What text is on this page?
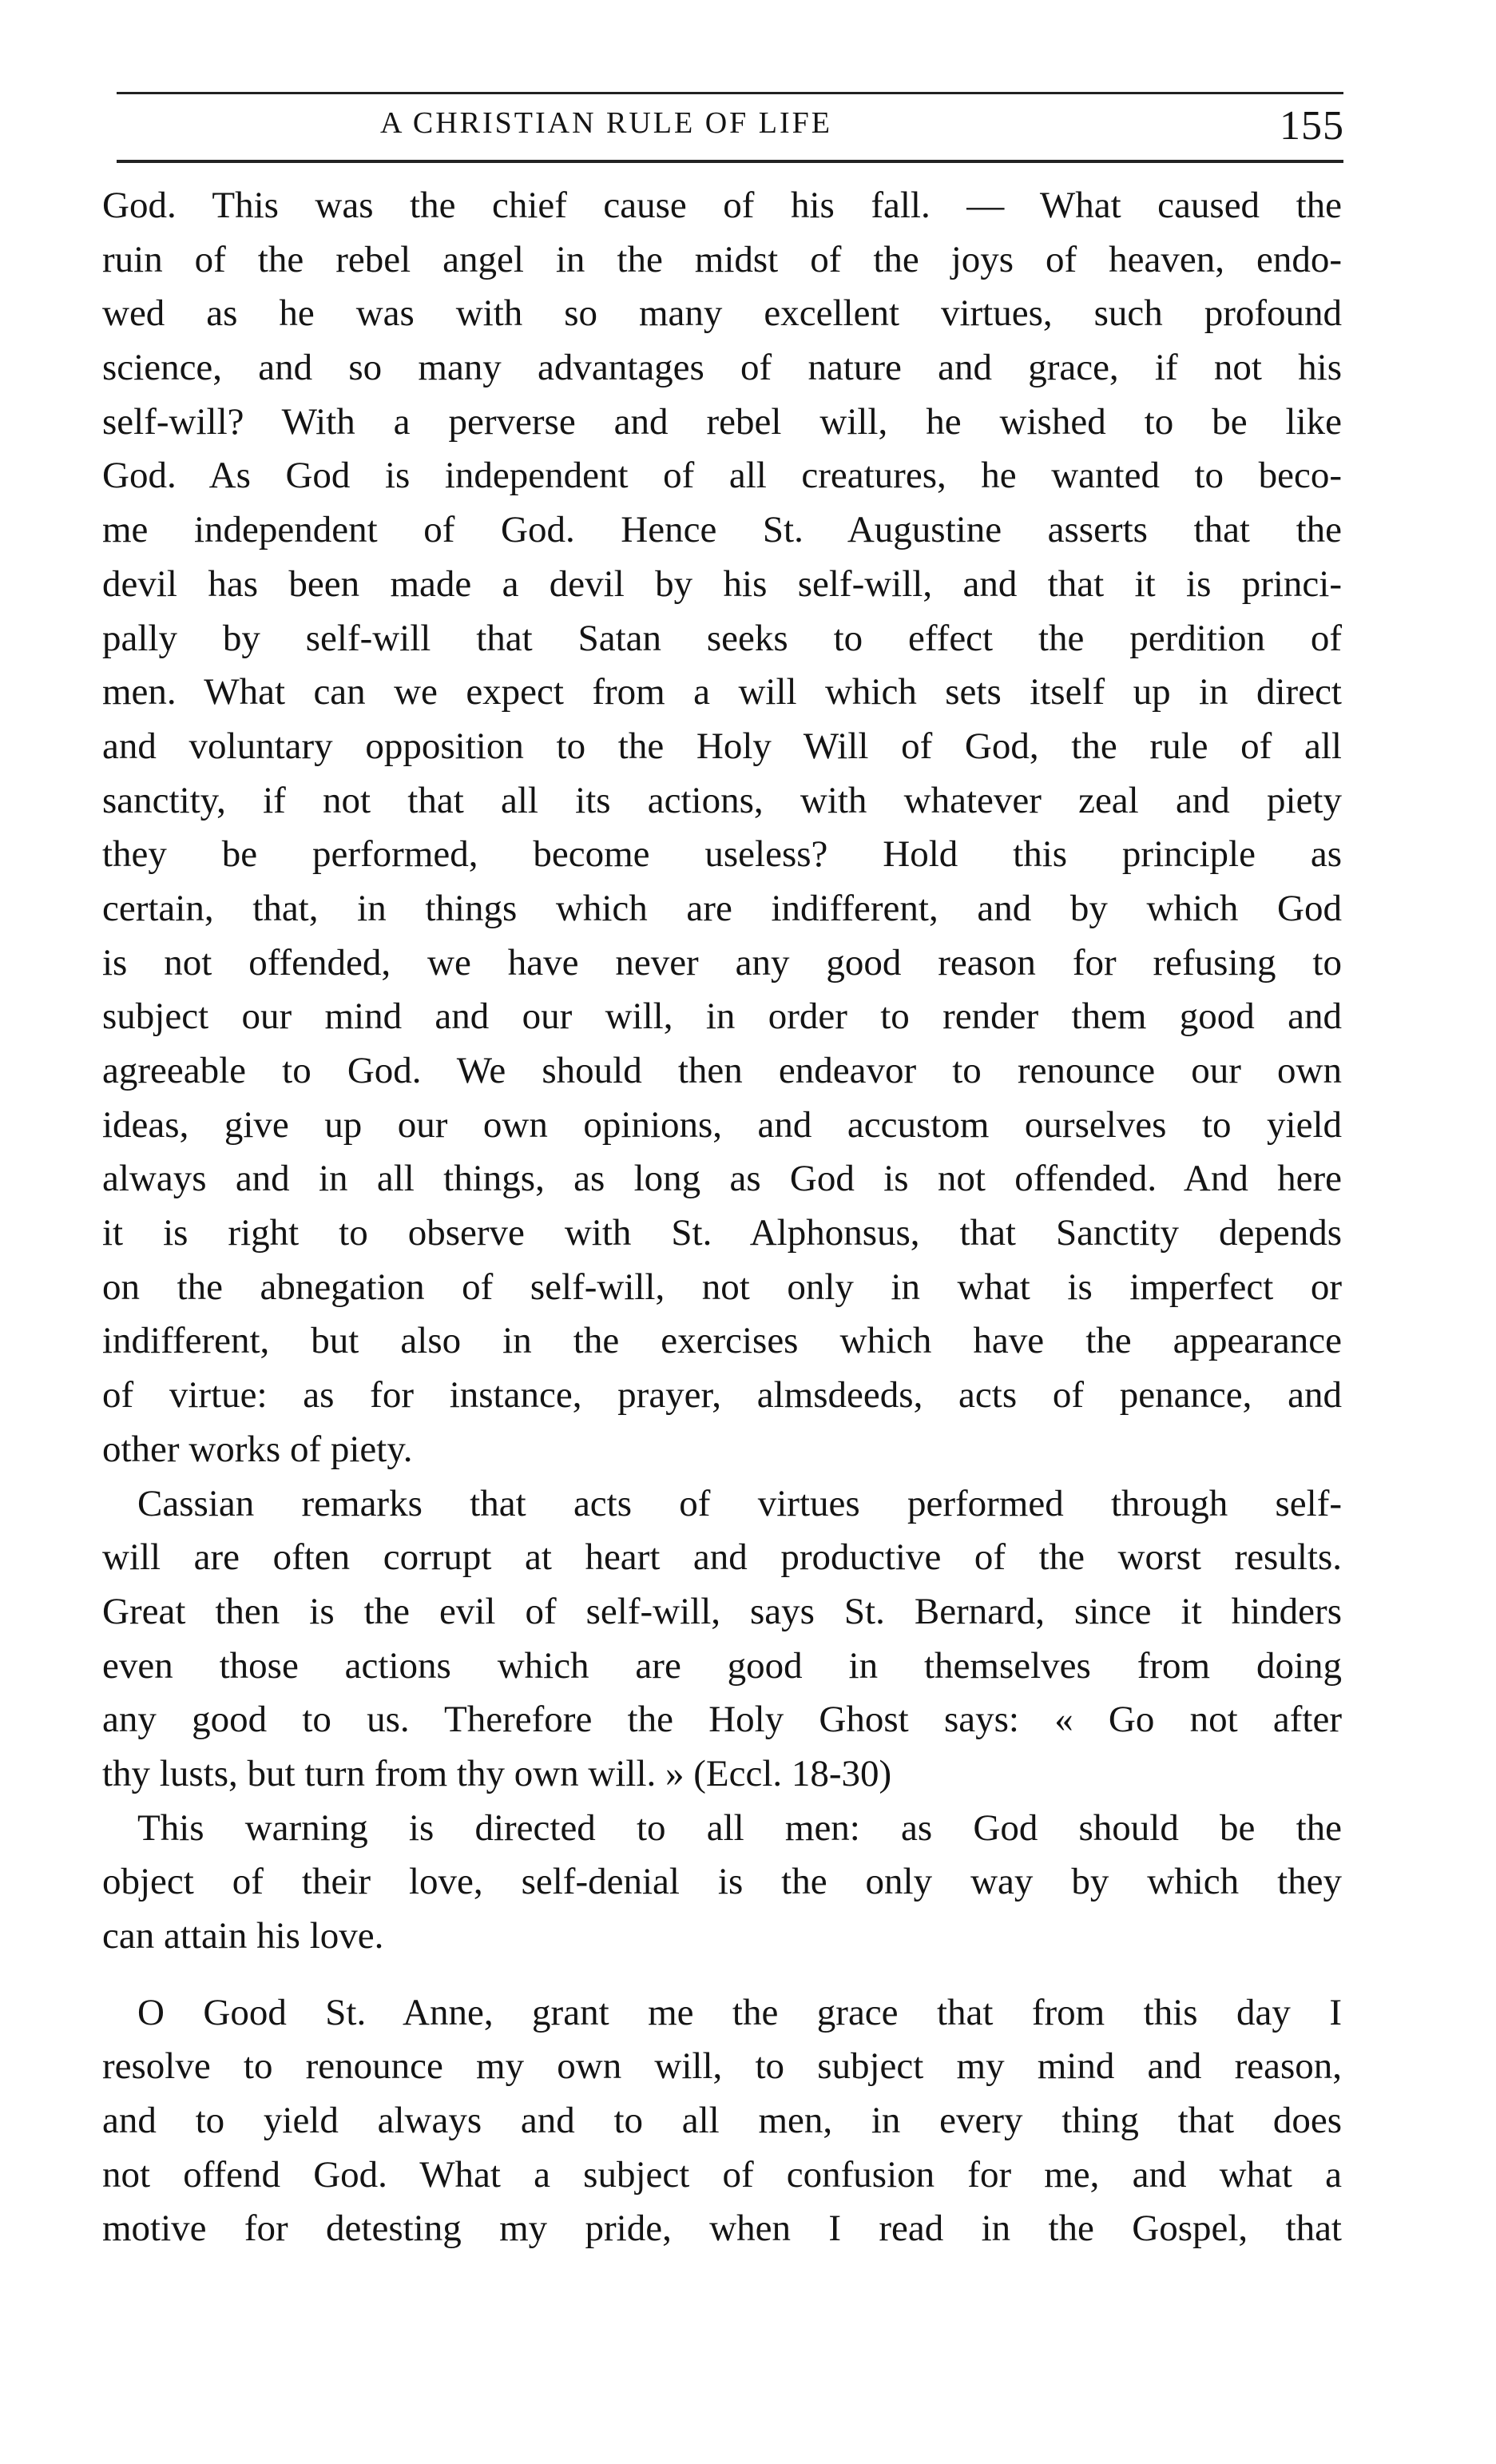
A CHRISTIAN RULE OF LIFE	155
God. This was the chief cause of his fall. — What caused the
ruin of the rebel angel in the midst of the joys of heaven, endo-
wed as he was with so many excellent virtues, such profound
science, and so many advantages of nature and grace, if not his
self-will? With a perverse and rebel will, he wished to be like
God. As God is independent of all creatures, he wanted to beco-
me independent of God. Hence St. Augustine asserts that the
devil has been made a devil by his self-will, and that it is princi-
pally by self-will that Satan seeks to effect the perdition of
men. What can we expect from a will which sets itself up in direct
and voluntary opposition to the Holy Will of God, the rule of all
sanctity, if not that all its actions, with whatever zeal and piety
they be performed, become useless? Hold this principle as
certain, that, in things which are indifferent, and by which God
is not offended, we have never any good reason for refusing to
subject our mind and our will, in order to render them good and
agreeable to God. We should then endeavor to renounce our own
ideas, give up our own opinions, and accustom ourselves to yield
always and in all things, as long as God is not offended. And here
it is right to observe with St. Alphonsus, that Sanctity depends
on the abnegation of self-will, not only in what is imperfect or
indifferent, but also in the exercises which have the appearance
of virtue: as for instance, prayer, almsdeeds, acts of penance, and
other works of piety.
Cassian remarks that acts of virtues performed through self-
will are often corrupt at heart and productive of the worst results.
Great then is the evil of self-will, says St. Bernard, since it hinders
even those actions which are good in themselves from doing
any good to us. Therefore the Holy Ghost says: « Go not after
thy lusts, but turn from thy own will. » (Eccl. 18-30)
This warning is directed to all men: as God should be the
object of their love, self-denial is the only way by which they
can attain his love.
O Good St. Anne, grant me the grace that from this day I
resolve to renounce my own will, to subject my mind and reason,
and to yield always and to all men, in every thing that does
not offend God. What a subject of confusion for me, and what a
motive for detesting my pride, when I read in the Gospel, that
